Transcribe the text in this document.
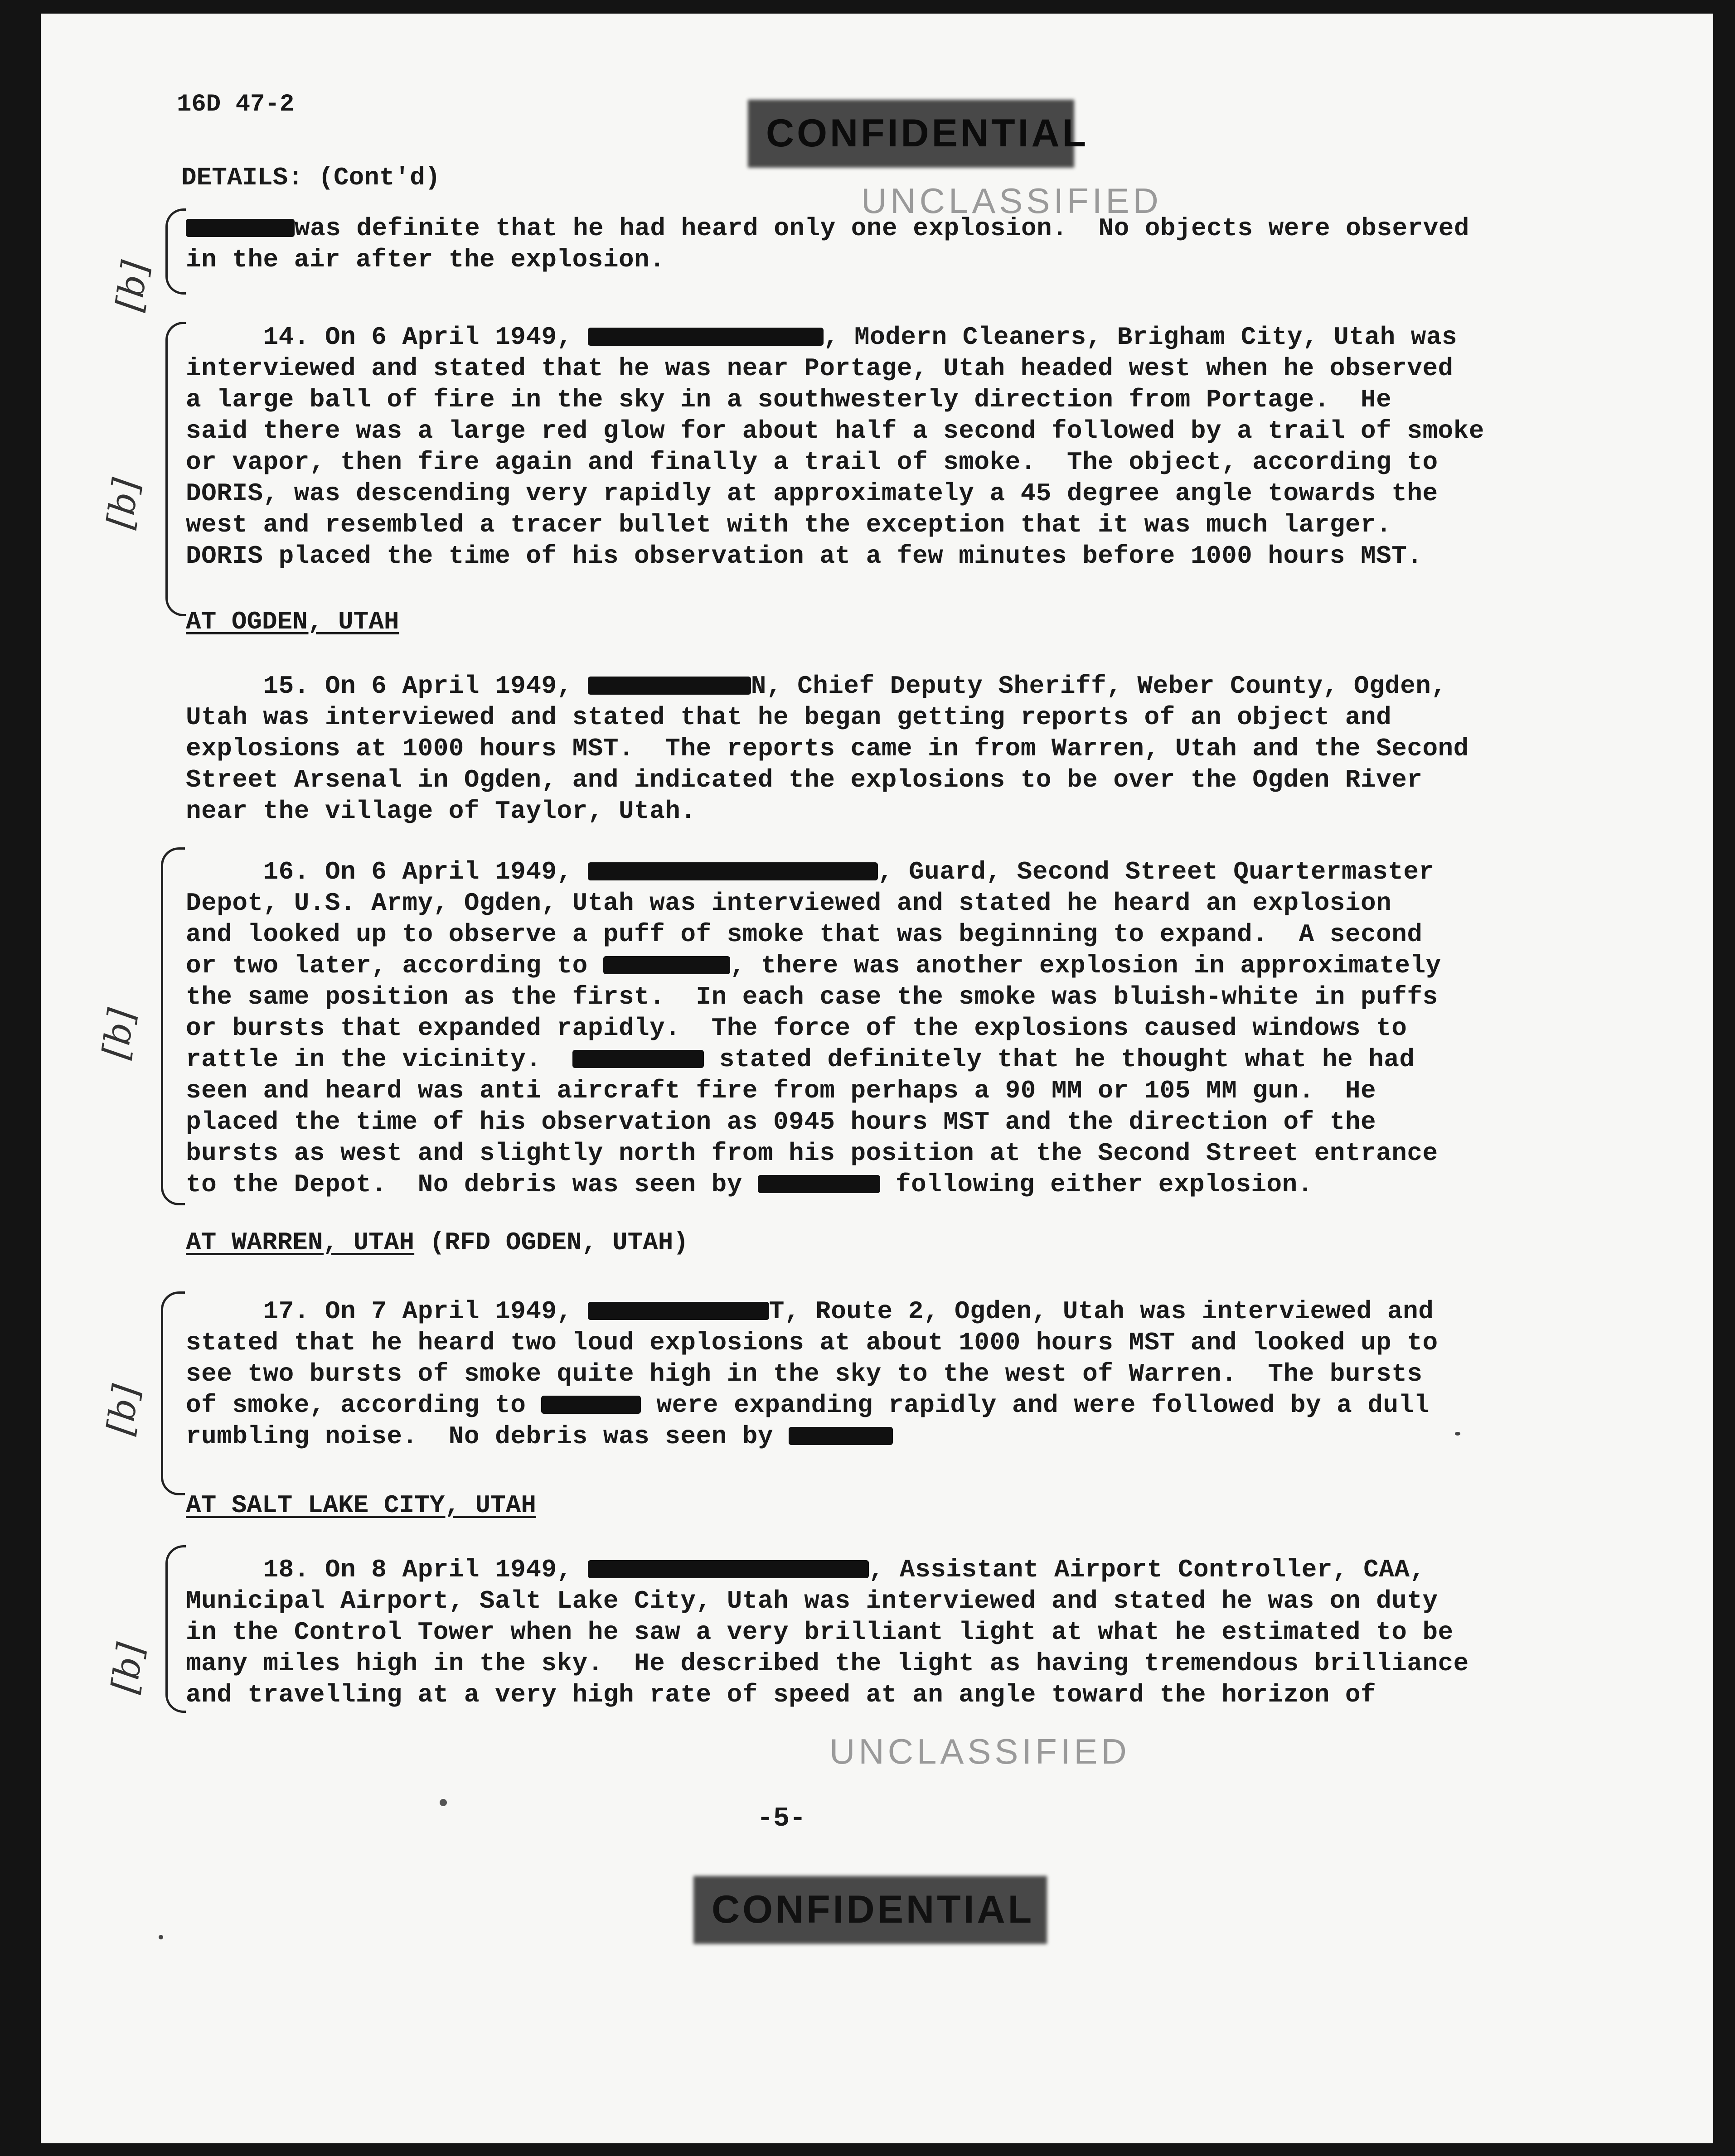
16D 47-2
CONFIDENTIAL
DETAILS: (Cont'd)
UNCLASSIFIED
[b]
[b]
[b]
[b]
[b]
was definite that he had heard only one explosion.  No objects were observed
in the air after the explosion.
14. On 6 April 1949,	, Modern Cleaners, Brigham City, Utah was
interviewed and stated that he was near Portage, Utah headed west when he observed
a large ball of fire in the sky in a southwesterly direction from Portage.  He
said there was a large red glow for about half a second followed by a trail of smoke
or vapor, then fire again and finally a trail of smoke.  The object, according to
DORIS, was descending very rapidly at approximately a 45 degree angle towards the
west and resembled a tracer bullet with the exception that it was much larger.
DORIS placed the time of his observation at a few minutes before 1000 hours MST.
AT OGDEN, UTAH
15. On 6 April 1949,	N, Chief Deputy Sheriff, Weber County, Ogden,
Utah was interviewed and stated that he began getting reports of an object and
explosions at 1000 hours MST.  The reports came in from Warren, Utah and the Second
Street Arsenal in Ogden, and indicated the explosions to be over the Ogden River
near the village of Taylor, Utah.
16. On 6 April 1949,	, Guard, Second Street Quartermaster
Depot, U.S. Army, Ogden, Utah was interviewed and stated he heard an explosion
and looked up to observe a puff of smoke that was beginning to expand.  A second
or two later, according to	, there was another explosion in approximately
the same position as the first.  In each case the smoke was bluish-white in puffs
or bursts that expanded rapidly.  The force of the explosions caused windows to
rattle in the vicinity.	stated definitely that he thought what he had
seen and heard was anti aircraft fire from perhaps a 90 MM or 105 MM gun.  He
placed the time of his observation as 0945 hours MST and the direction of the
bursts as west and slightly north from his position at the Second Street entrance
to the Depot.  No debris was seen by	following either explosion.
AT WARREN, UTAH (RFD OGDEN, UTAH)
17. On 7 April 1949,	T, Route 2, Ogden, Utah was interviewed and
stated that he heard two loud explosions at about 1000 hours MST and looked up to
see two bursts of smoke quite high in the sky to the west of Warren.  The bursts
of smoke, according to	were expanding rapidly and were followed by a dull
rumbling noise.  No debris was seen by
AT SALT LAKE CITY, UTAH
18. On 8 April 1949,	, Assistant Airport Controller, CAA,
Municipal Airport, Salt Lake City, Utah was interviewed and stated he was on duty
in the Control Tower when he saw a very brilliant light at what he estimated to be
many miles high in the sky.  He described the light as having tremendous brilliance
and travelling at a very high rate of speed at an angle toward the horizon of
UNCLASSIFIED
-5-
CONFIDENTIAL
